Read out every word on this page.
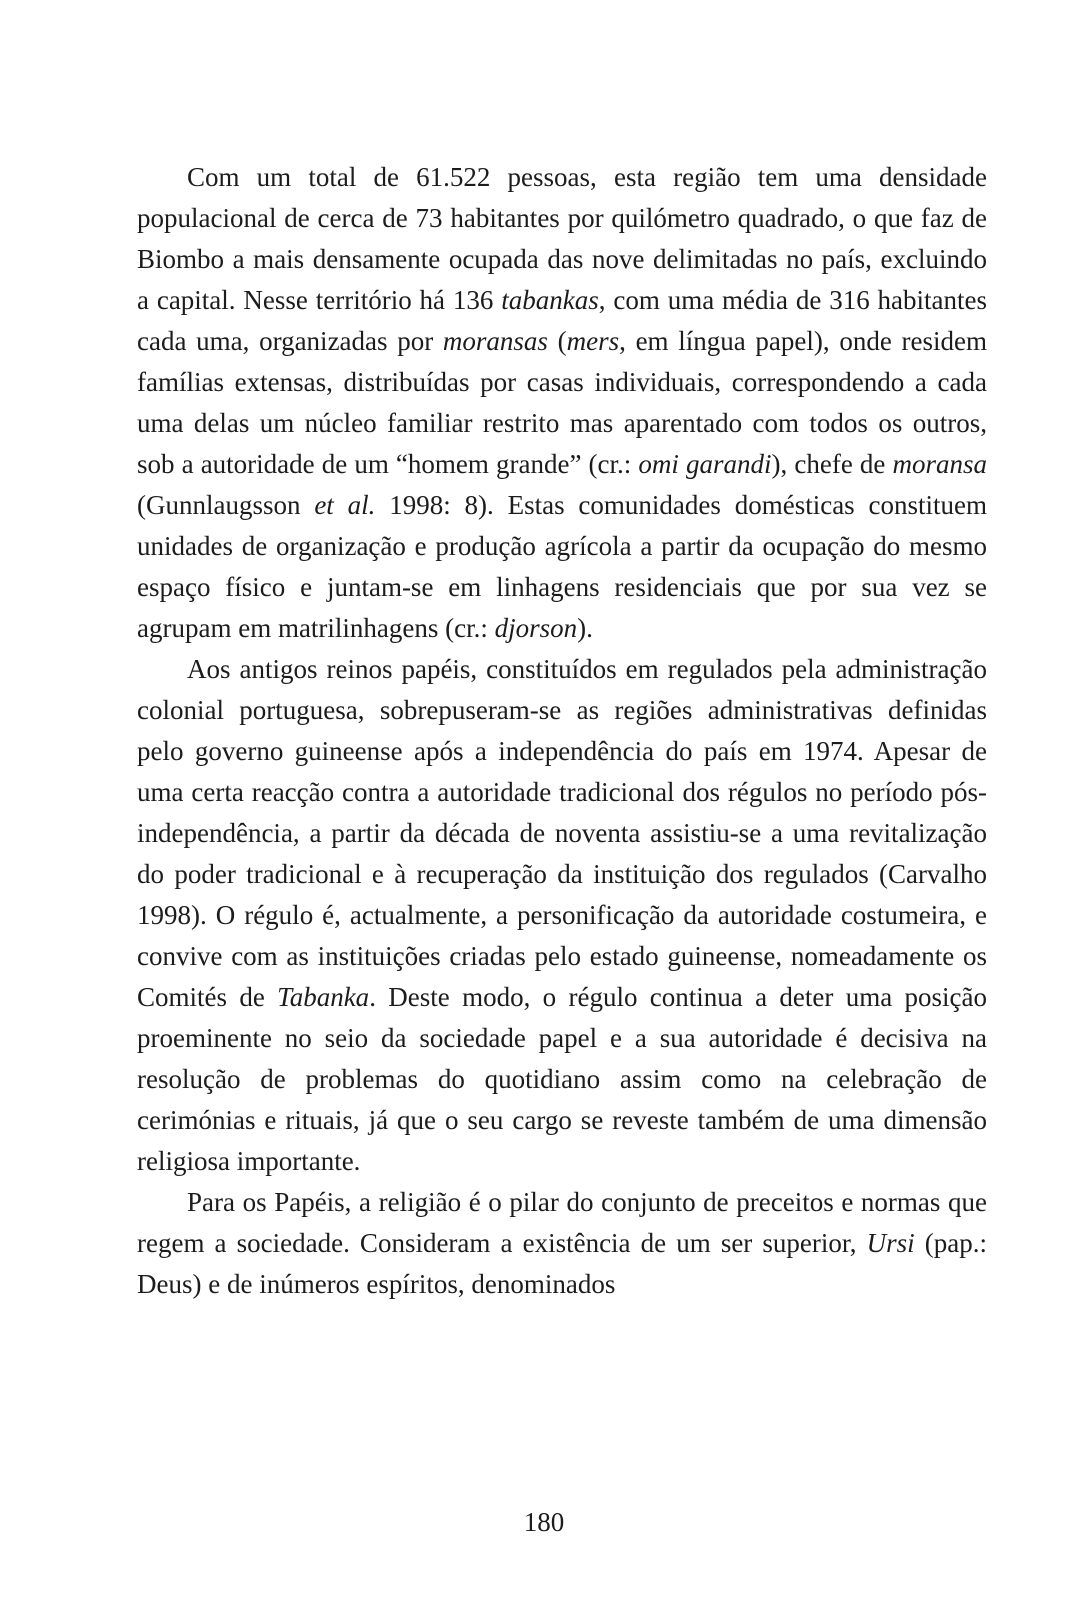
Com um total de 61.522 pessoas, esta região tem uma densidade populacional de cerca de 73 habitantes por quilómetro quadrado, o que faz de Biombo a mais densamente ocupada das nove delimitadas no país, excluindo a capital. Nesse território há 136 tabankas, com uma média de 316 habitantes cada uma, organizadas por moransas (mers, em língua papel), onde residem famílias extensas, distribuídas por casas individuais, correspondendo a cada uma delas um núcleo familiar restrito mas aparentado com todos os outros, sob a autoridade de um “homem grande” (cr.: omi garandi), chefe de moransa (Gunnlaugsson et al. 1998: 8). Estas comunidades domésticas constituem unidades de organização e produção agrícola a partir da ocupação do mesmo espaço físico e juntam-se em linhagens residenciais que por sua vez se agrupam em matrilinhagens (cr.: djorson).

Aos antigos reinos papéis, constituídos em regulados pela administração colonial portuguesa, sobrepuseram-se as regiões administrativas definidas pelo governo guineense após a independência do país em 1974. Apesar de uma certa reacção contra a autoridade tradicional dos régulos no período pós-independência, a partir da década de noventa assistiu-se a uma revitalização do poder tradicional e à recuperação da instituição dos regulados (Carvalho 1998). O régulo é, actualmente, a personificação da autoridade costumeira, e convive com as instituições criadas pelo estado guineense, nomeadamente os Comités de Tabanka. Deste modo, o régulo continua a deter uma posição proeminente no seio da sociedade papel e a sua autoridade é decisiva na resolução de problemas do quotidiano assim como na celebração de cerimónias e rituais, já que o seu cargo se reveste também de uma dimensão religiosa importante.

Para os Papéis, a religião é o pilar do conjunto de preceitos e normas que regem a sociedade. Consideram a existência de um ser superior, Ursi (pap.: Deus) e de inúmeros espíritos, denominados

180
